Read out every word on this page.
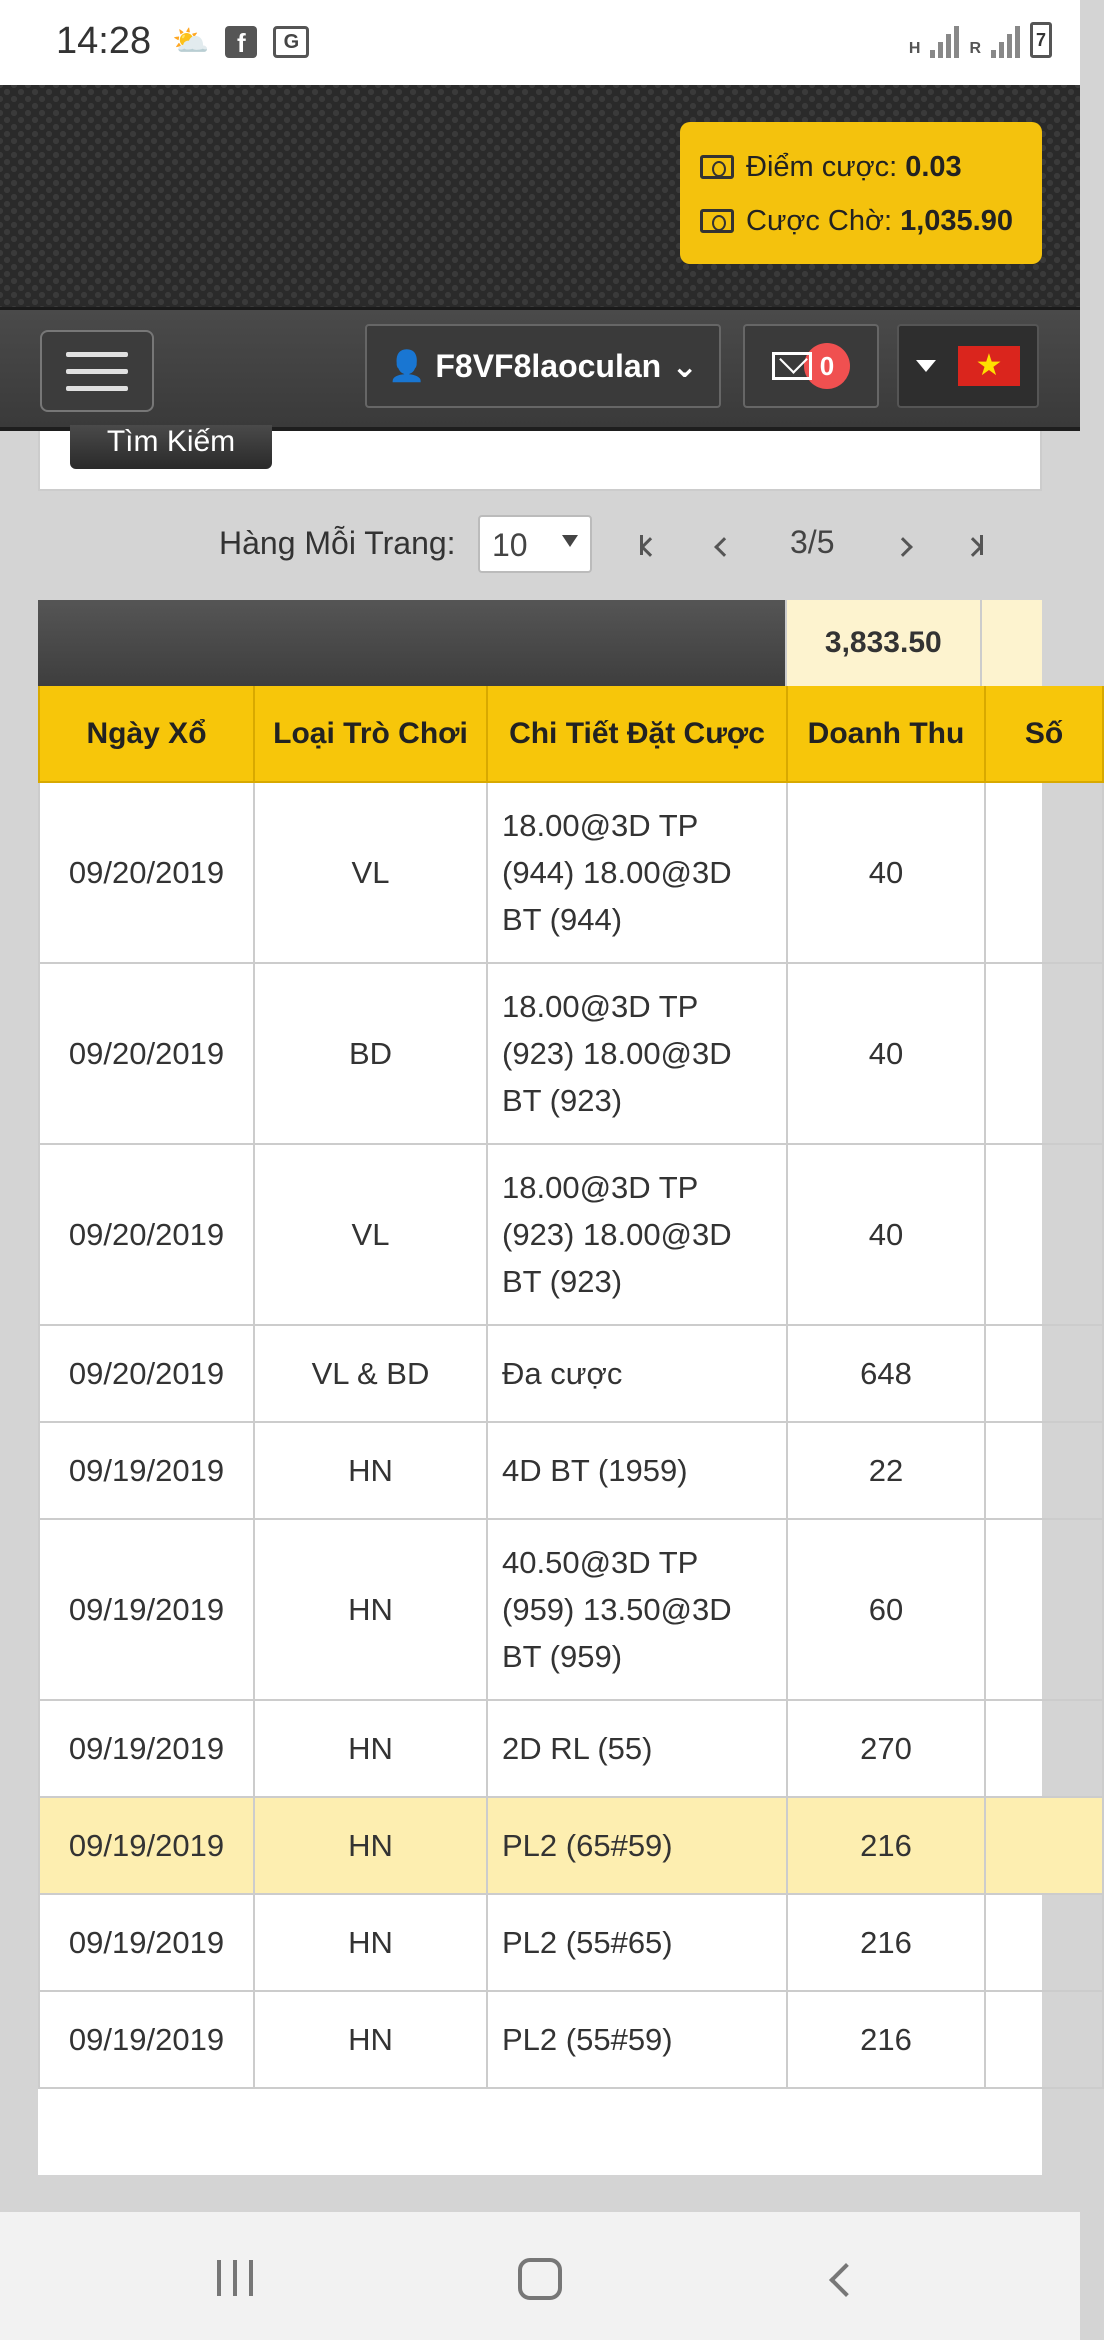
14:28 ⛅	f	G	H	R	7
Điểm cược: 0.03
Cược Chờ: 1,035.90
👤 F8VF8laoculan ⌄	0	★
Tìm Kiếm
Hàng Mỗi Trang:	10	3/5
3,833.50
Ngày Xổ	Loại Trò Chơi	Chi Tiết Đặt Cược	Doanh Thu	Số
09/20/2019	VL	18.00@3D TP (944) 18.00@3D BT (944)	40	
09/20/2019	BD	18.00@3D TP (923) 18.00@3D BT (923)	40	
09/20/2019	VL	18.00@3D TP (923) 18.00@3D BT (923)	40	
09/20/2019	VL & BD	Đa cược	648	
09/19/2019	HN	4D BT (1959)	22	
09/19/2019	HN	40.50@3D TP (959) 13.50@3D BT (959)	60	
09/19/2019	HN	2D RL (55)	270	
09/19/2019	HN	PL2 (65#59)	216	
09/19/2019	HN	PL2 (55#65)	216	
09/19/2019	HN	PL2 (55#59)	216	
